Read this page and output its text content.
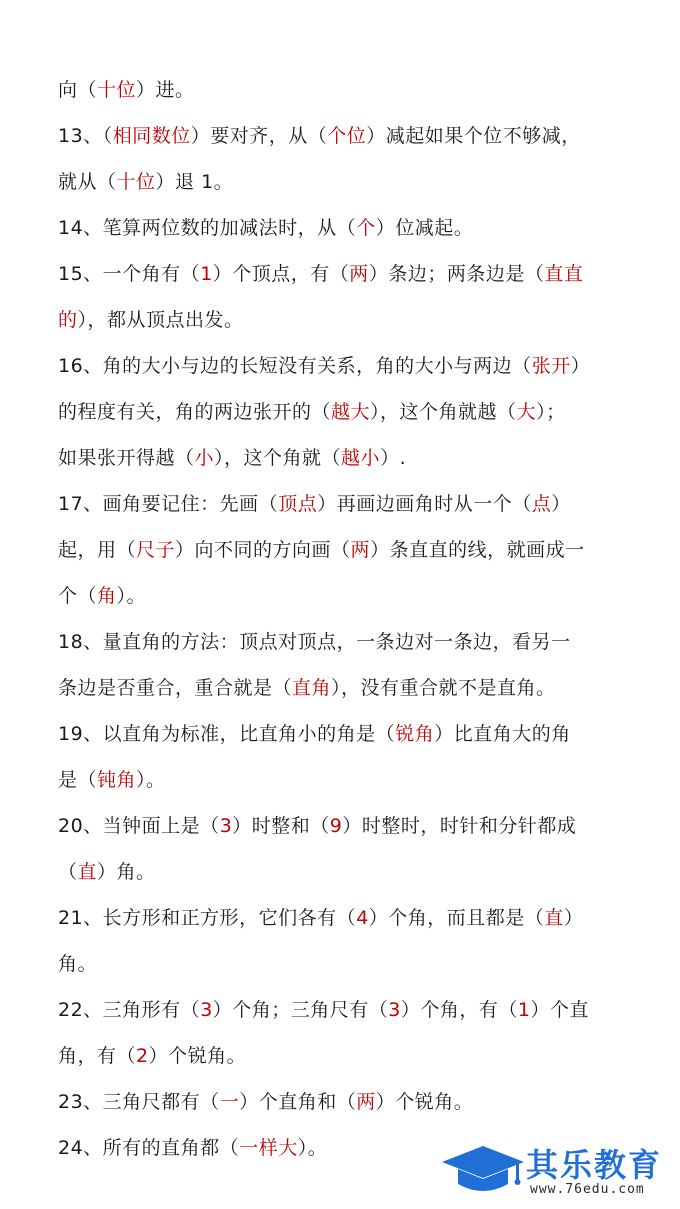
向（十位）进。
13、（相同数位）要对齐，从（个位）减起如果个位不够减，
就从（十位）退 1。
14、笔算两位数的加减法时，从（个）位减起。
15、一个角有（1）个顶点，有（两）条边；两条边是（直直
的），都从顶点出发。
16、角的大小与边的长短没有关系，角的大小与两边（张开）
的程度有关，角的两边张开的（越大），这个角就越（大）；
如果张开得越（小），这个角就（越小）.
17、画角要记住：先画（顶点）再画边画角时从一个（点）
起，用（尺子）向不同的方向画（两）条直直的线，就画成一
个（角）。
18、量直角的方法：顶点对顶点，一条边对一条边，看另一
条边是否重合，重合就是（直角），没有重合就不是直角。
19、以直角为标准，比直角小的角是（锐角）比直角大的角
是（钝角）。
20、当钟面上是（3）时整和（9）时整时，时针和分针都成
（直）角。
21、长方形和正方形，它们各有（4）个角，而且都是（直）
角。
22、三角形有（3）个角；三角尺有（3）个角，有（1）个直
角，有（2）个锐角。
23、三角尺都有（一）个直角和（两）个锐角。
24、所有的直角都（一样大）。	其乐教育
www.76edu.com
